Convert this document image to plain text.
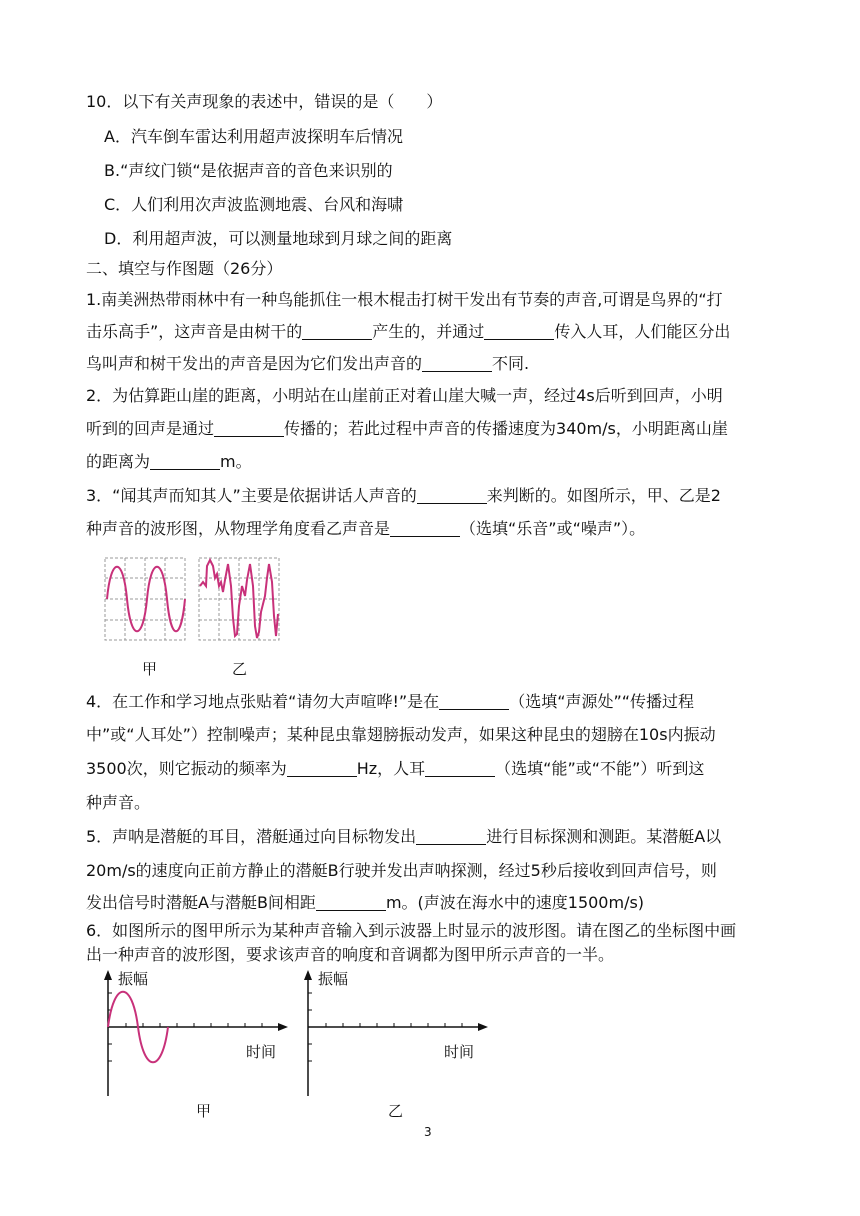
10．以下有关声现象的表述中，错误的是（　　）
A．汽车倒车雷达利用超声波探明车后情况
B.“声纹门锁“是依据声音的音色来识别的
C．人们利用次声波监测地震、台风和海啸
D．利用超声波，可以测量地球到月球之间的距离
二、填空与作图题（26分）
1.南美洲热带雨林中有一种鸟能抓住一根木棍击打树干发出有节奏的声音,可谓是鸟界的“打
击乐高手”，这声音是由树干的	产生的，并通过	传入人耳，人们能区分出
鸟叫声和树干发出的声音是因为它们发出声音的	不同.
2．为估算距山崖的距离，小明站在山崖前正对着山崖大喊一声，经过4s后听到回声，小明
听到的回声是通过	传播的；若此过程中声音的传播速度为340m/s，小明距离山崖
的距离为	m。
3．“闻其声而知其人”主要是依据讲话人声音的	来判断的。如图所示，甲、乙是2
种声音的波形图，从物理学角度看乙声音是	（选填“乐音”或“噪声”）。
甲	乙
4．在工作和学习地点张贴着“请勿大声喧哗!”是在	（选填“声源处”“传播过程
中”或“人耳处”）控制噪声；某种昆虫靠翅膀振动发声，如果这种昆虫的翅膀在10s内振动
3500次，则它振动的频率为	Hz，人耳	（选填“能”或“不能”）听到这
种声音。
5．声呐是潜艇的耳目，潜艇通过向目标物发出	进行目标探测和测距。某潜艇A以
20m/s的速度向正前方静止的潜艇B行驶并发出声呐探测，经过5秒后接收到回声信号，则
发出信号时潜艇A与潜艇B间相距	m。(声波在海水中的速度1500m/s)
6．如图所示的图甲所示为某种声音输入到示波器上时显示的波形图。请在图乙的坐标图中画
出一种声音的波形图，要求该声音的响度和音调都为图甲所示声音的一半。
振幅
时间
甲
振幅
时间
乙
3
